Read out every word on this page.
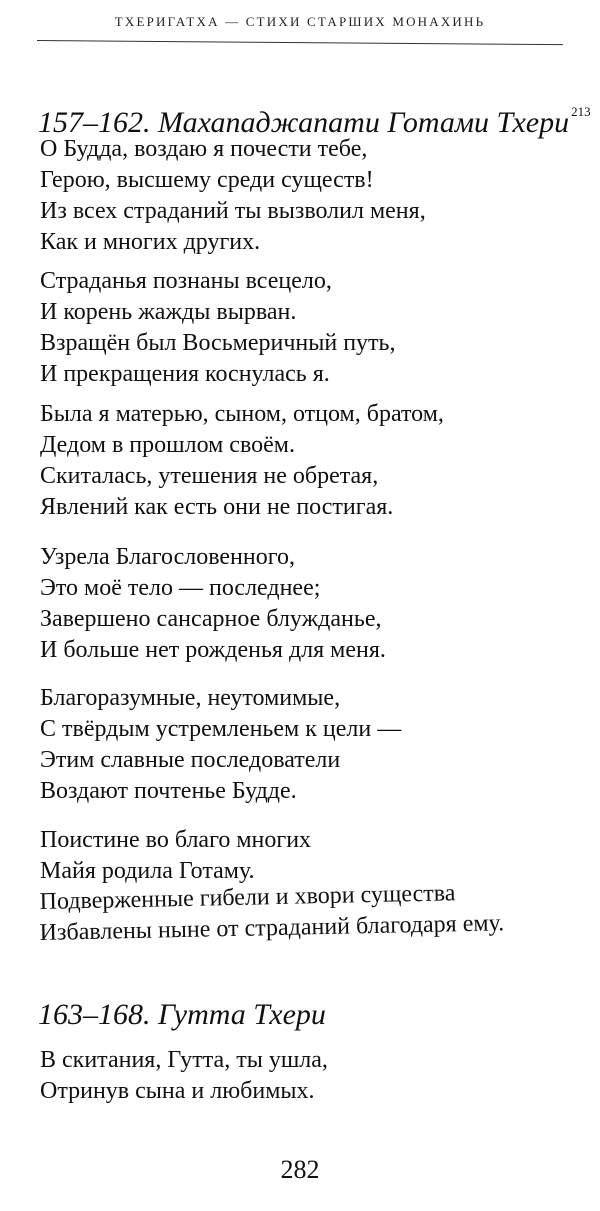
ТХЕРИГАТХА — СТИХИ СТАРШИХ МОНАХИНЬ
157–162. Махападжапати Готами Тхери $^{213}$
О Будда, воздаю я почести тебе,
Герою, высшему среди существ!
Из всех страданий ты вызволил меня,
Как и многих других.
Страданья познаны всецело,
И корень жажды вырван.
Взращён был Восьмеричный путь,
И прекращения коснулась я.
Была я матерью, сыном, отцом, братом,
Дедом в прошлом своём.
Скиталась, утешения не обретая,
Явлений как есть они не постигая.
Узрела Благословенного,
Это моё тело — последнее;
Завершено сансарное блужданье,
И больше нет рожденья для меня.
Благоразумные, неутомимые,
С твёрдым устремленьем к цели —
Этим славные последователи
Воздают почтенье Будде.
Поистине во благо многих
Майя родила Готаму.
Подверженные гибели и хвори существа
Избавлены ныне от страданий благодаря ему.
163–168. Гутта Тхери
В скитания, Гутта, ты ушла,
Отринув сына и любимых.
282
